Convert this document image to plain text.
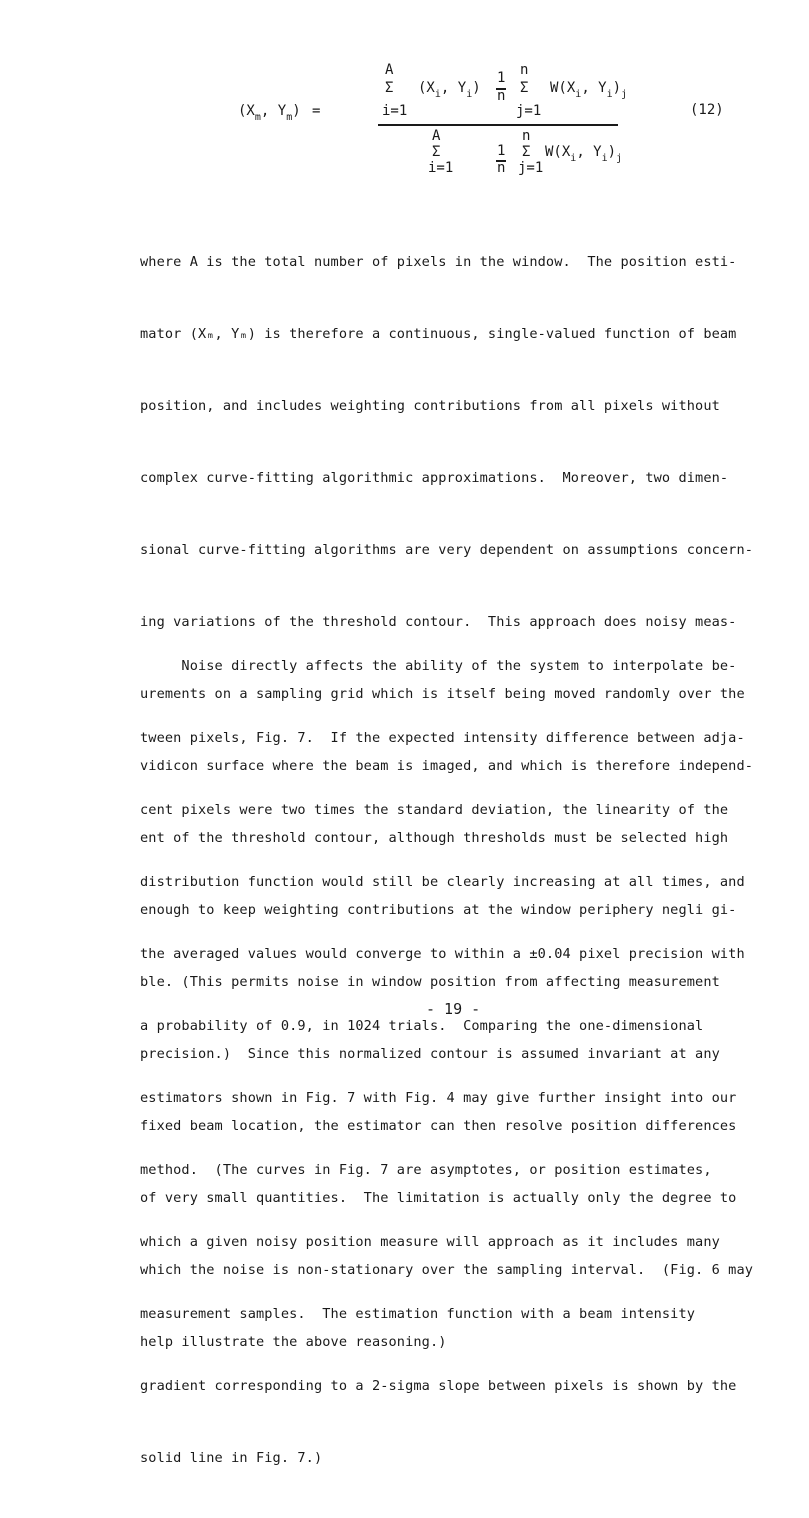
($X_m$, $Y_m$) =
A
Σ
i=1
($X_i$, $Y_i$)
1
n
n
Σ
j=1
$W(X_i$, $Y_i)_j$
A
Σ
i=1
1
n
n
Σ
j=1
$W(X_i$, $Y_i)_j$
(12)

where A is the total number of pixels in the window.  The position esti-

mator (Xₘ, Yₘ) is therefore a continuous, single-valued function of beam

position, and includes weighting contributions from all pixels without

complex curve-fitting algorithmic approximations.  Moreover, two dimen-

sional curve-fitting algorithms are very dependent on assumptions concern-

ing variations of the threshold contour.  This approach does noisy meas-

urements on a sampling grid which is itself being moved randomly over the

vidicon surface where the beam is imaged, and which is therefore independ-

ent of the threshold contour, although thresholds must be selected high

enough to keep weighting contributions at the window periphery negli gi-

ble. (This permits noise in window position from affecting measurement

precision.)  Since this normalized contour is assumed invariant at any

fixed beam location, the estimator can then resolve position differences

of very small quantities.  The limitation is actually only the degree to

which the noise is non-stationary over the sampling interval.  (Fig. 6 may

help illustrate the above reasoning.)

Noise directly affects the ability of the system to interpolate be-

tween pixels, Fig. 7.  If the expected intensity difference between adja-

cent pixels were two times the standard deviation, the linearity of the

distribution function would still be clearly increasing at all times, and

the averaged values would converge to within a ±0.04 pixel precision with

a probability of 0.9, in 1024 trials.  Comparing the one-dimensional

estimators shown in Fig. 7 with Fig. 4 may give further insight into our

method.  (The curves in Fig. 7 are asymptotes, or position estimates,

which a given noisy position measure will approach as it includes many

measurement samples.  The estimation function with a beam intensity

gradient corresponding to a 2-sigma slope between pixels is shown by the

solid line in Fig. 7.)

- 19 -
